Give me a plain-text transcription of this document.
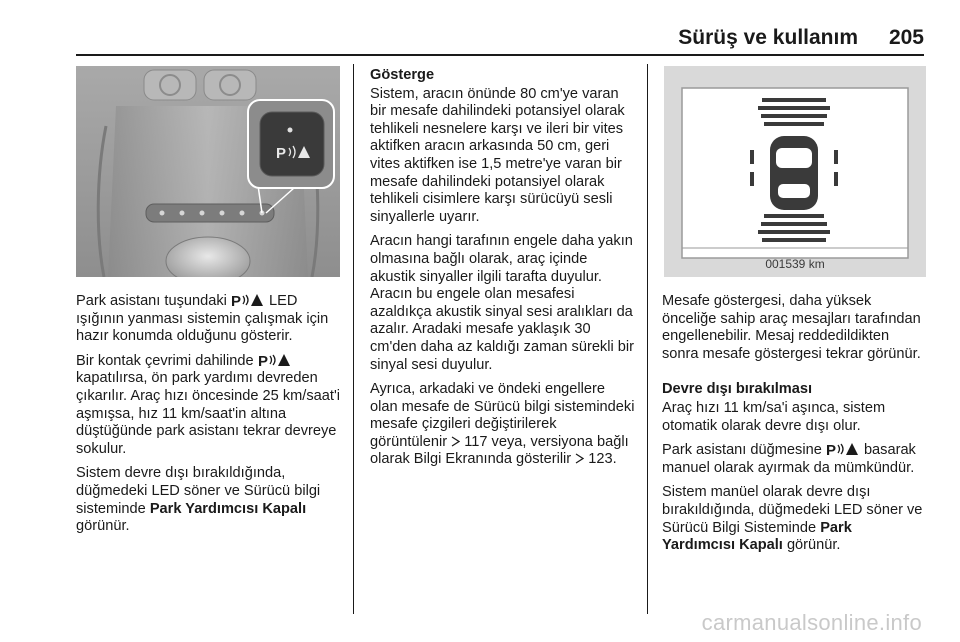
Sürüş ve kullanım 205
P
001539 km

Park asistanı tuşundaki P LED ışığının yanması sistemin çalışmak için hazır konumda olduğunu gösterir.

Bir kontak çevrimi dahilinde P
kapatılırsa, ön park yardımı devreden çıkarılır. Araç hızı öncesinde 25 km/saat'i aşmışsa, hız 11 km/saat'in altına düştüğünde park asistanı tekrar devreye sokulur.

Sistem devre dışı bırakıldığında, düğmedeki LED söner ve Sürücü bilgi sisteminde Park Yardımcısı Kapalı görünür.

Gösterge

Sistem, aracın önünde 80 cm'ye varan bir mesafe dahilindeki potansiyel olarak tehlikeli nesnelere karşı ve ileri bir vites aktifken aracın arkasında 50 cm, geri vites aktifken ise 1,5 metre'ye varan bir mesafe dahilindeki potansiyel olarak tehlikeli cisimlere karşı sürücüyü sesli sinyallerle uyarır.

Aracın hangi tarafının engele daha yakın olmasına bağlı olarak, araç içinde akustik sinyaller ilgili tarafta duyulur. Aracın bu engele olan mesafesi azaldıkça akustik sinyal sesi aralıkları da azalır. Aradaki mesafe yaklaşık 30 cm'den daha az kaldığı zaman sürekli bir sinyal sesi duyulur.

Ayrıca, arkadaki ve öndeki engellere olan mesafe de Sürücü bilgi sistemindeki mesafe çizgileri değiştirilerek görüntülenir 117 veya, versiyona bağlı olarak Bilgi Ekranında gösterilir 123.

Mesafe göstergesi, daha yüksek önceliğe sahip araç mesajları tarafından engellenebilir. Mesaj reddedildikten sonra mesafe göstergesi tekrar görünür.

Devre dışı bırakılması

Araç hızı 11 km/sa'i aşınca, sistem otomatik olarak devre dışı olur.

Park asistanı düğmesine P basarak manuel olarak ayırmak da mümkündür.

Sistem manüel olarak devre dışı bırakıldığında, düğmedeki LED söner ve Sürücü Bilgi Sisteminde Park Yardımcısı Kapalı görünür.

carmanualsonline.info
